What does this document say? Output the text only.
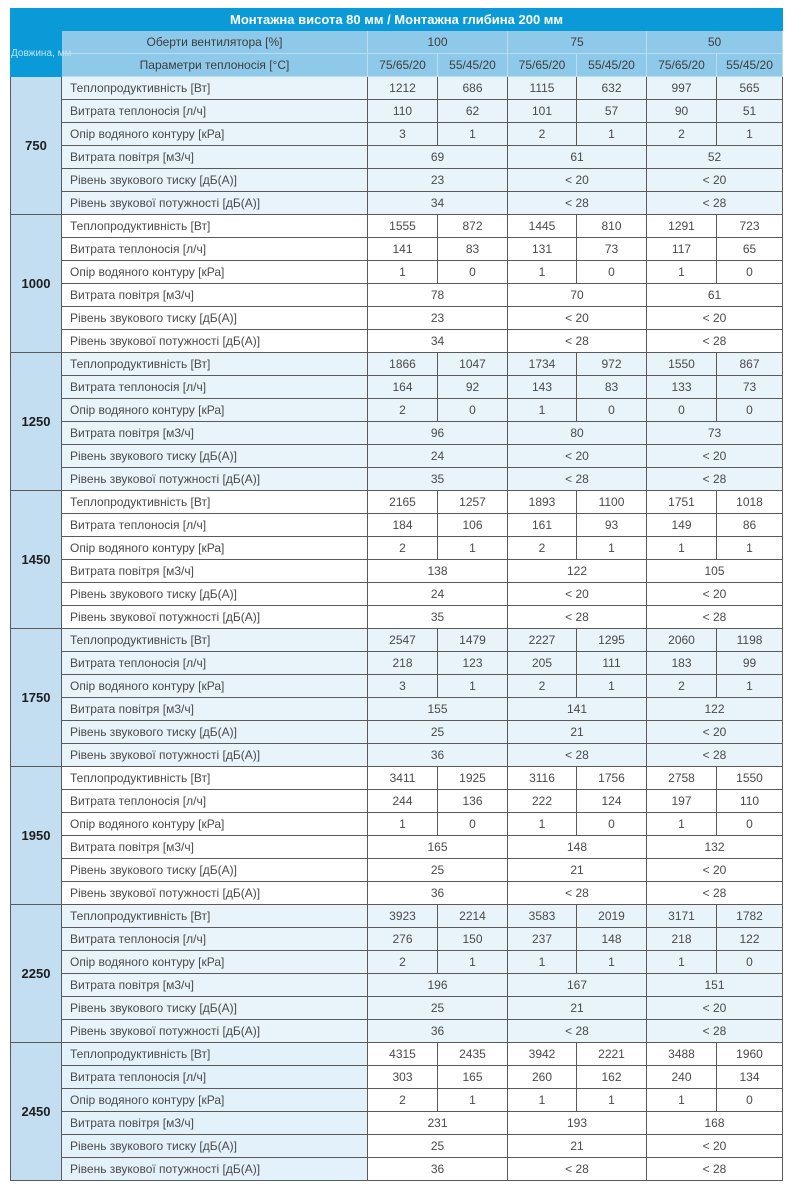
Монтажна висота 80 мм / Монтажна глибина 200 мм							
Довжина, мм	Оберти вентилятора [%]	100		75		50	
	Параметри теплоносія [°C]	75/65/20	55/45/20	75/65/20	55/45/20	75/65/20	55/45/20
750	Теплопродуктивність [Вт]	1212	686	1115	632	997	565
	Витрата теплоносія [л/ч]	110	62	101	57	90	51
	Опір водяного контуру [кРа]	3	1	2	1	2	1
	Витрата повітря [м3/ч]	69		61		52	
	Рівень звукового тиску [дБ(А)]	23		< 20		< 20	
	Рівень звукової потужності [дБ(А)]	34		< 28		< 28	
1000	Теплопродуктивність [Вт]	1555	872	1445	810	1291	723
	Витрата теплоносія [л/ч]	141	83	131	73	117	65
	Опір водяного контуру [кРа]	1	0	1	0	1	0
	Витрата повітря [м3/ч]	78		70		61	
	Рівень звукового тиску [дБ(А)]	23		< 20		< 20	
	Рівень звукової потужності [дБ(А)]	34		< 28		< 28	
1250	Теплопродуктивність [Вт]	1866	1047	1734	972	1550	867
	Витрата теплоносія [л/ч]	164	92	143	83	133	73
	Опір водяного контуру [кРа]	2	0	1	0	0	0
	Витрата повітря [м3/ч]	96		80		73	
	Рівень звукового тиску [дБ(А)]	24		< 20		< 20	
	Рівень звукової потужності [дБ(А)]	35		< 28		< 28	
1450	Теплопродуктивність [Вт]	2165	1257	1893	1100	1751	1018
	Витрата теплоносія [л/ч]	184	106	161	93	149	86
	Опір водяного контуру [кРа]	2	1	2	1	1	1
	Витрата повітря [м3/ч]	138		122		105	
	Рівень звукового тиску [дБ(А)]	24		< 20		< 20	
	Рівень звукової потужності [дБ(А)]	35		< 28		< 28	
1750	Теплопродуктивність [Вт]	2547	1479	2227	1295	2060	1198
	Витрата теплоносія [л/ч]	218	123	205	111	183	99
	Опір водяного контуру [кРа]	3	1	2	1	2	1
	Витрата повітря [м3/ч]	155		141		122	
	Рівень звукового тиску [дБ(А)]	25		21		< 20	
	Рівень звукової потужності [дБ(А)]	36		< 28		< 28	
1950	Теплопродуктивність [Вт]	3411	1925	3116	1756	2758	1550
	Витрата теплоносія [л/ч]	244	136	222	124	197	110
	Опір водяного контуру [кРа]	1	0	1	0	1	0
	Витрата повітря [м3/ч]	165		148		132	
	Рівень звукового тиску [дБ(А)]	25		21		< 20	
	Рівень звукової потужності [дБ(А)]	36		< 28		< 28	
2250	Теплопродуктивність [Вт]	3923	2214	3583	2019	3171	1782
	Витрата теплоносія [л/ч]	276	150	237	148	218	122
	Опір водяного контуру [кРа]	2	1	1	1	1	0
	Витрата повітря [м3/ч]	196		167		151	
	Рівень звукового тиску [дБ(А)]	25		21		< 20	
	Рівень звукової потужності [дБ(А)]	36		< 28		< 28	
2450	Теплопродуктивність [Вт]	4315	2435	3942	2221	3488	1960
	Витрата теплоносія [л/ч]	303	165	260	162	240	134
	Опір водяного контуру [кРа]	2	1	1	1	1	0
	Витрата повітря [м3/ч]	231		193		168	
	Рівень звукового тиску [дБ(А)]	25		21		< 20	
	Рівень звукової потужності [дБ(А)]	36		< 28		< 28	
